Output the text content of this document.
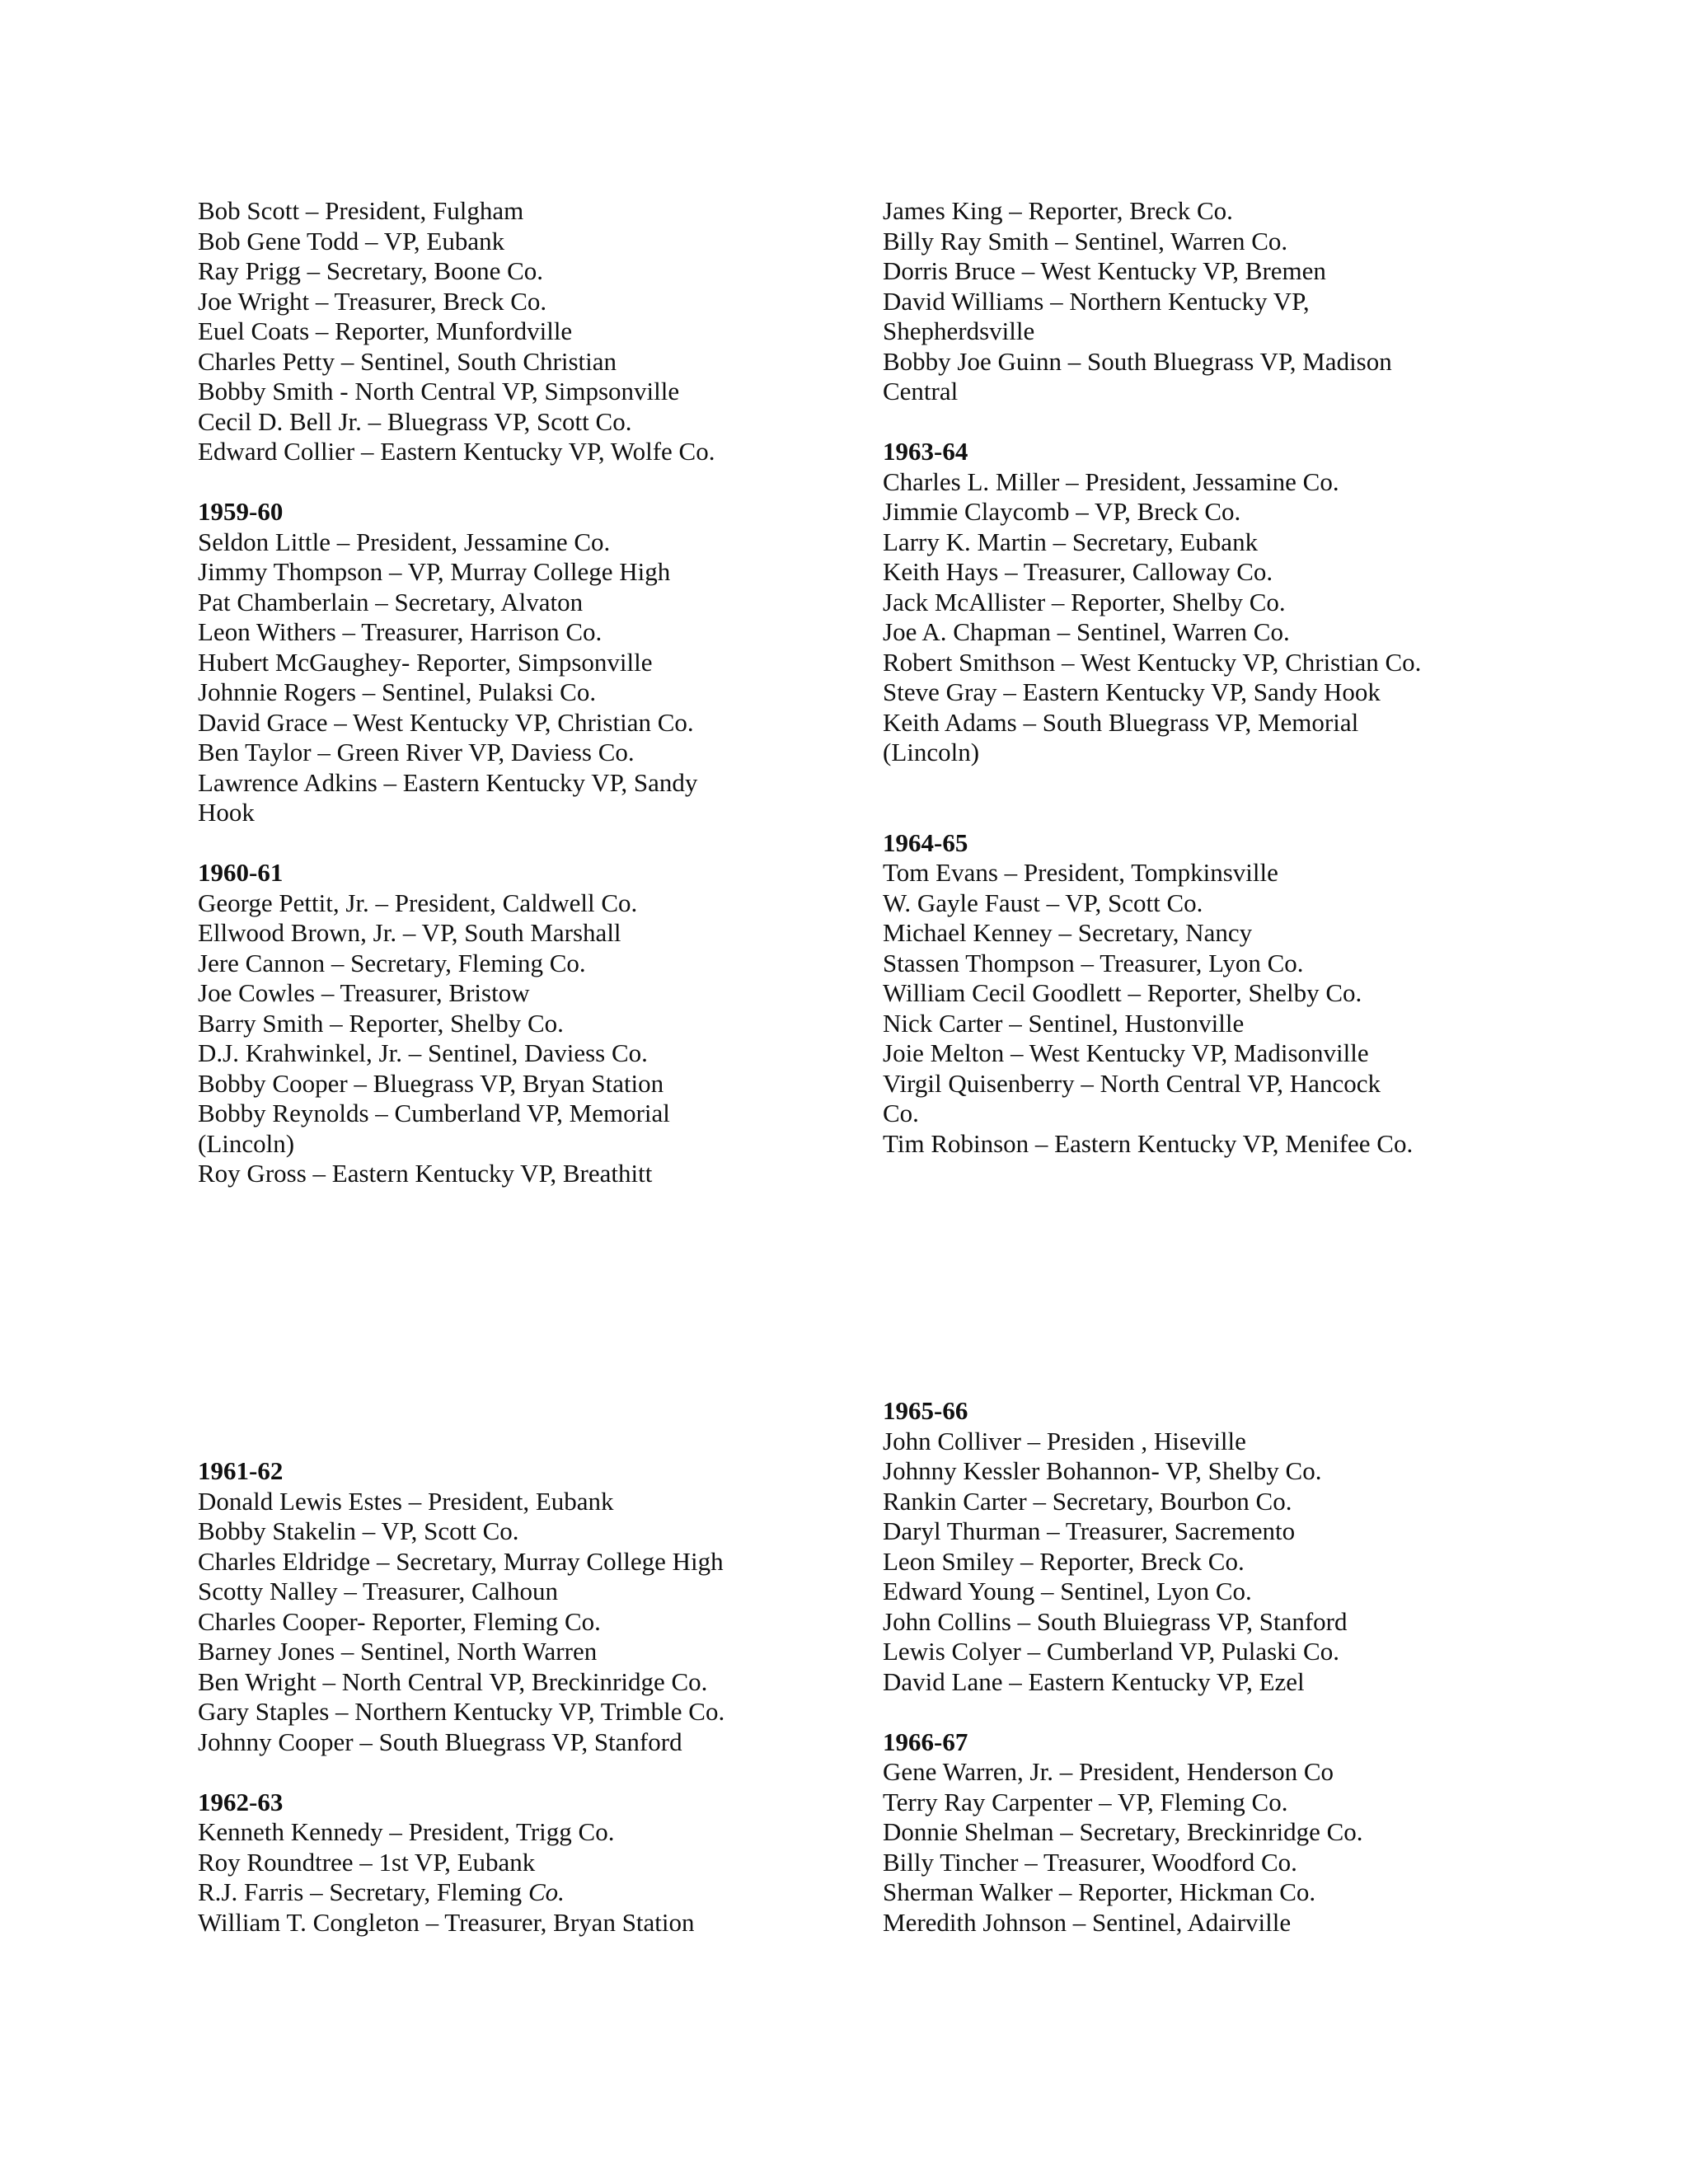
Bob Scott – President, Fulgham
Bob Gene Todd – VP, Eubank
Ray Prigg – Secretary, Boone Co.
Joe Wright – Treasurer, Breck Co.
Euel Coats – Reporter, Munfordville
Charles Petty – Sentinel, South Christian
Bobby Smith - North Central VP, Simpsonville
Cecil D. Bell Jr. – Bluegrass VP, Scott Co.
Edward Collier – Eastern Kentucky VP, Wolfe Co.
1959-60
Seldon Little – President, Jessamine Co.
Jimmy Thompson – VP, Murray College High
Pat Chamberlain – Secretary, Alvaton
Leon Withers – Treasurer, Harrison Co.
Hubert McGaughey- Reporter, Simpsonville
Johnnie Rogers – Sentinel, Pulaksi Co.
David Grace – West Kentucky VP, Christian Co.
Ben Taylor – Green River VP, Daviess Co.
Lawrence Adkins – Eastern Kentucky VP, Sandy
Hook
1960-61
George Pettit, Jr. – President, Caldwell Co.
Ellwood Brown, Jr. – VP, South Marshall
Jere Cannon – Secretary, Fleming Co.
Joe Cowles – Treasurer, Bristow
Barry Smith – Reporter, Shelby Co.
D.J. Krahwinkel, Jr. – Sentinel, Daviess Co.
Bobby Cooper – Bluegrass VP, Bryan Station
Bobby Reynolds – Cumberland VP, Memorial
(Lincoln)
Roy Gross – Eastern Kentucky VP, Breathitt
James King – Reporter, Breck Co.
Billy Ray Smith – Sentinel, Warren Co.
Dorris Bruce – West Kentucky VP, Bremen
David Williams – Northern Kentucky VP,
Shepherdsville
Bobby Joe Guinn – South Bluegrass VP, Madison
Central
1963-64
Charles L. Miller – President, Jessamine Co.
Jimmie Claycomb – VP, Breck Co.
Larry K. Martin – Secretary, Eubank
Keith Hays – Treasurer, Calloway Co.
Jack McAllister – Reporter, Shelby Co.
Joe A. Chapman – Sentinel, Warren Co.
Robert Smithson – West Kentucky VP, Christian Co.
Steve Gray – Eastern Kentucky VP, Sandy Hook
Keith Adams – South Bluegrass VP, Memorial
(Lincoln)
1964-65
Tom Evans – President, Tompkinsville
W. Gayle Faust – VP, Scott Co.
Michael Kenney – Secretary, Nancy
Stassen Thompson – Treasurer, Lyon Co.
William Cecil Goodlett – Reporter, Shelby Co.
Nick Carter – Sentinel, Hustonville
Joie Melton – West Kentucky VP, Madisonville
Virgil Quisenberry – North Central VP, Hancock
Co.
Tim Robinson – Eastern Kentucky VP, Menifee Co.
1961-62
Donald Lewis Estes – President, Eubank
Bobby Stakelin – VP, Scott Co.
Charles Eldridge – Secretary, Murray College High
Scotty Nalley – Treasurer, Calhoun
Charles Cooper- Reporter, Fleming Co.
Barney Jones – Sentinel, North Warren
Ben Wright – North Central VP, Breckinridge Co.
Gary Staples – Northern Kentucky VP, Trimble Co.
Johnny Cooper – South Bluegrass VP, Stanford
1962-63
Kenneth Kennedy – President, Trigg Co.
Roy Roundtree – 1st VP, Eubank
R.J. Farris – Secretary, Fleming Co.
William T. Congleton – Treasurer, Bryan Station
1965-66
John Colliver – Presiden , Hiseville
Johnny Kessler Bohannon- VP, Shelby Co.
Rankin Carter – Secretary, Bourbon Co.
Daryl Thurman – Treasurer, Sacremento
Leon Smiley – Reporter, Breck Co.
Edward Young – Sentinel, Lyon Co.
John Collins – South Bluiegrass VP, Stanford
Lewis Colyer – Cumberland VP, Pulaski Co.
David Lane – Eastern Kentucky VP, Ezel
1966-67
Gene Warren, Jr. – President, Henderson Co
Terry Ray Carpenter – VP, Fleming Co.
Donnie Shelman – Secretary, Breckinridge Co.
Billy Tincher – Treasurer, Woodford Co.
Sherman Walker – Reporter, Hickman Co.
Meredith Johnson – Sentinel, Adairville
